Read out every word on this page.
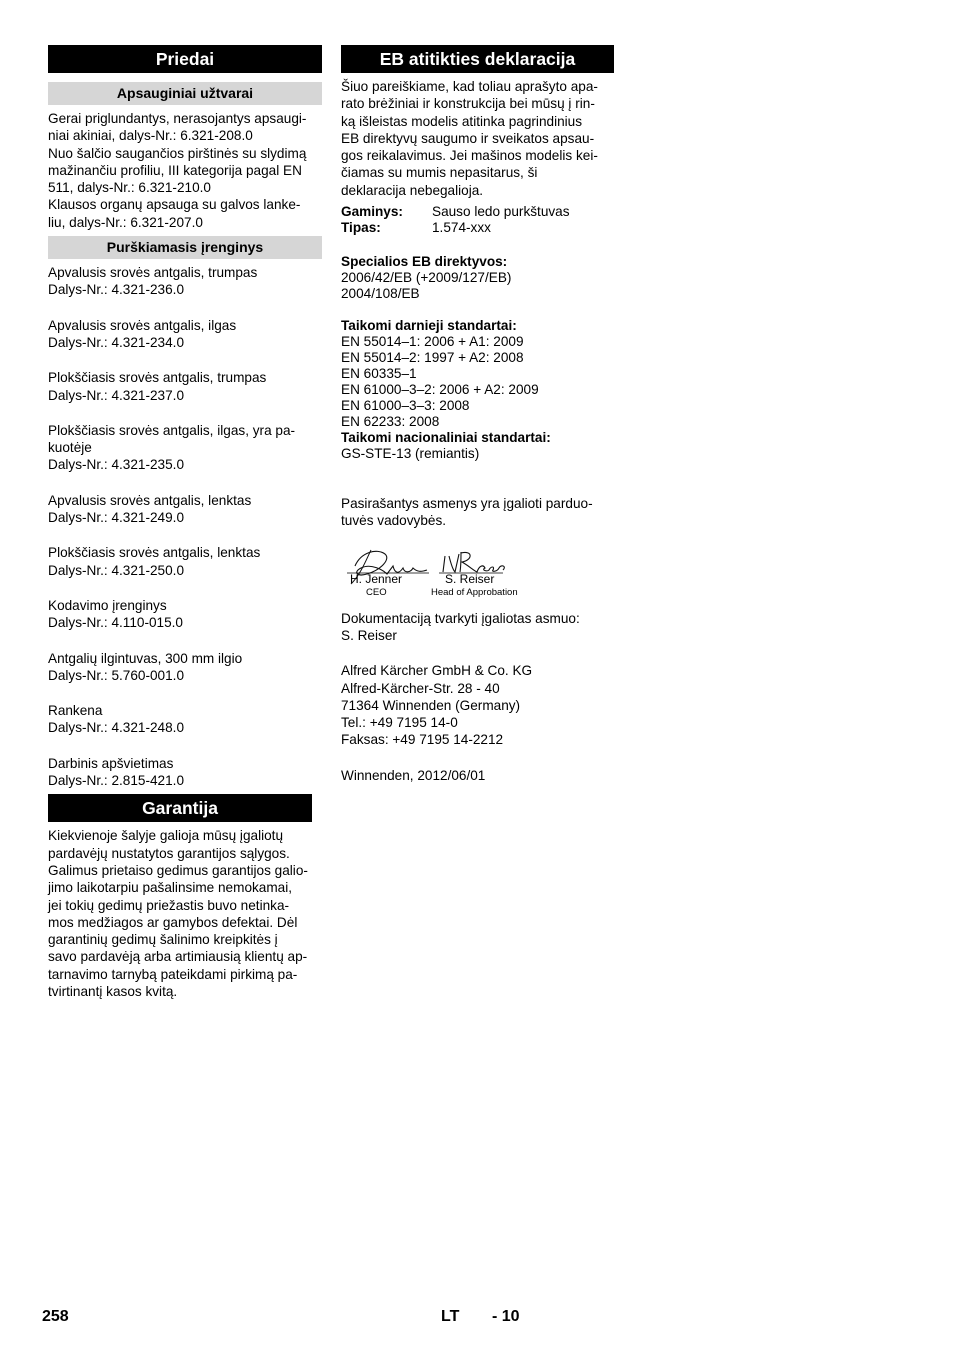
Priedai
Apsauginiai užtvarai
Gerai priglundantys, nerasojantys apsaugi-
niai akiniai, dalys-Nr.: 6.321-208.0
Nuo šalčio saugančios pirštinės su slydimą
mažinančiu profiliu, III kategorija pagal EN
511, dalys-Nr.: 6.321-210.0
Klausos organų apsauga su galvos lanke-
liu, dalys-Nr.: 6.321-207.0
Purškiamasis įrenginys
Apvalusis srovės antgalis, trumpas
Dalys-Nr.: 4.321-236.0
Apvalusis srovės antgalis, ilgas
Dalys-Nr.: 4.321-234.0
Plokščiasis srovės antgalis, trumpas
Dalys-Nr.: 4.321-237.0
Plokščiasis srovės antgalis, ilgas, yra pa-
kuotėje
Dalys-Nr.: 4.321-235.0
Apvalusis srovės antgalis, lenktas
Dalys-Nr.: 4.321-249.0
Plokščiasis srovės antgalis, lenktas
Dalys-Nr.: 4.321-250.0
Kodavimo įrenginys
Dalys-Nr.: 4.110-015.0
Antgalių ilgintuvas, 300 mm ilgio
Dalys-Nr.: 5.760-001.0
Rankena
Dalys-Nr.: 4.321-248.0
Darbinis apšvietimas
Dalys-Nr.: 2.815-421.0
Garantija
Kiekvienoje šalyje galioja mūsų įgaliotų
pardavėjų nustatytos garantijos sąlygos.
Galimus prietaiso gedimus garantijos galio-
jimo laikotarpiu pašalinsime nemokamai,
jei tokių gedimų priežastis buvo netinka-
mos medžiagos ar gamybos defektai. Dėl
garantinių gedimų šalinimo kreipkitės į
savo pardavėją arba artimiausią klientų ap-
tarnavimo tarnybą pateikdami pirkimą pa-
tvirtinantį kasos kvitą.
EB atitikties deklaracija
Šiuo pareiškiame, kad toliau aprašyto apa-
rato brėžiniai ir konstrukcija bei mūsų į rin-
ką išleistas modelis atitinka pagrindinius
EB direktyvų saugumo ir sveikatos apsau-
gos reikalavimus. Jei mašinos modelis kei-
čiamas su mumis nepasitarus, ši
deklaracija nebegalioja.
Gaminys:	Sauso ledo purkštuvas
Tipas:	1.574-xxx
Specialios EB direktyvos:
2006/42/EB (+2009/127/EB)
2004/108/EB
Taikomi darnieji standartai:
EN 55014–1: 2006 + A1: 2009
EN 55014–2: 1997 + A2: 2008
EN 60335–1
EN 61000–3–2: 2006 + A2: 2009
EN 61000–3–3: 2008
EN 62233: 2008
Taikomi nacionaliniai standartai:
GS-STE-13 (remiantis)
Pasirašantys asmenys yra įgalioti parduo-
tuvės vadovybės.
H. Jenner
CEO
S. Reiser
Head of Approbation
Dokumentaciją tvarkyti įgaliotas asmuo:
S. Reiser
Alfred Kärcher GmbH & Co. KG
Alfred-Kärcher-Str. 28 - 40
71364 Winnenden (Germany)
Tel.: +49 7195 14-0
Faksas: +49 7195 14-2212
Winnenden, 2012/06/01
258	LT - 10
